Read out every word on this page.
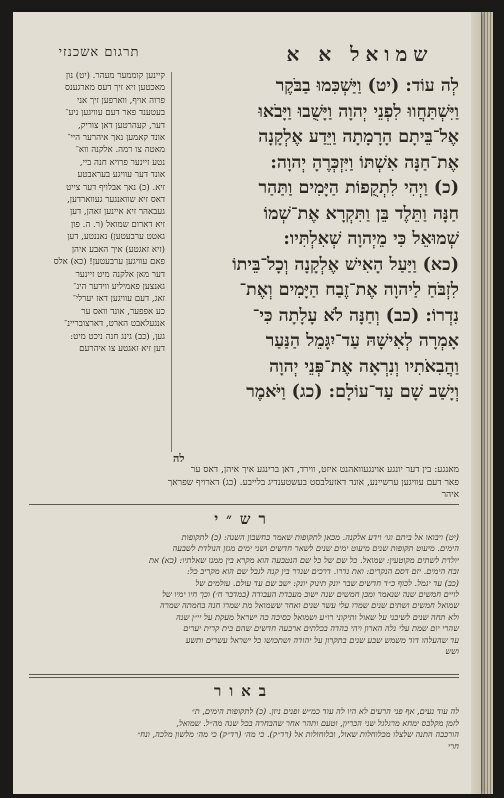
שמואל א א
תרגום אשכנזי

לְה עוֹד: (יט) וַיַּשְׁכִּמוּ בַבֹּקֶר

וַיִּשְׁתַּחֲווּ לִפְנֵי יְהוָה וַיָּשֻׁבוּ וַיָּבֹאוּ

אֶל־בֵּיתָם הָרָמָתָה וַיֵּדַע אֶלְקָנָה

אֶת־חַנָּה אִשְׁתּוֹ וַיִּזְכְּרֶהָ יְהוָה:

(כ) וַיְהִי לִתְקֻפוֹת הַיָּמִים וַתַּהַר

חַנָּה וַתֵּלֶד בֵּן וַתִּקְרָא אֶת־שְׁמוֹ

שְׁמוּאֵל כִּי מֵיְהוָה שְׁאִלְתִּיו:

(כא) וַיַּעַל הָאִישׁ אֶלְקָנָה וְכָל־בֵּיתוֹ

לִזְבֹּחַ לַיהוָה אֶת־זֶבַח הַיָּמִים וְאֶת־

נִדְרוֹ: (כב) וְחַנָּה לֹא עָלָתָה כִּי־

אָמְרָה לְאִישָׁהּ עַד־יִגָּמֵל הַנַּעַר

וַהֲבִאֹתִיו וְנִרְאָה אֶת־פְּנֵי יְהוָה

וְיָשַׁב שָׁם עַד־עוֹלָם: (כג) וַיֹּאמֶר

לה

קיינען קוממער מעהר. (יט) נון

מאכטען זיא זיך דעס מארגענס

פרוה אויף, ווארפען זיך אני

בעטענד פאר דעם עוויגען ניע־

דער, קעהרטען דאן צוריק,

אונד קאמען נאך איהרער היי־

מאטה צו רמה. אלקנה ווא־

נטע זיינער פרויא חנה ביי,

אונד דער עוויגע בעראבטע

זיא. (כ) נאך אבלויף דער צייט

דאס זיא שוואנגער געווארדען,

געבאהר זיא איינען זאהן, דען

זיא דארום שמואל (ר. ה. פון

גאטט ערבעטען) נאננטע, דען

(זיא זאגטע) איך האבע איהן

פאם עוויגען ערבעטען! (כא) אלס

דער מאן אלקנה מיט זיינער

גאנצען פאמיליע ווידער הינ־

זאג, דעם עוויגען דאז יערלי־

כע אפפער, אונד וואס ער

אנגעלאבט הארט, דארצובריינ־

גען, (כב) גינג חנה ניכט מיט:

דען זיא זאגטע צו איהרעם

מאנגע: בין דער יונגע אוינגעוואהנט איזט, ווירד, דאן ברינגע איך איהן, דאס ער

פאר דעם עוויגען ערשיינע, אונד דאזעלבסט בעשטענדיג בלייבע. (כג) דארויף שפראך

איהר

רש״י

(יט) ויבואו אל ביתם וגו׳ וידע אלקנה. מכאן לתקופות שאמר בחשבון השנה: (כ) לתקופות

הימים. מיעוט תקופות שנים מיעוט ימים שנים לשאר חדשים ושני ימים מגזן הנולדת לשבעה

יולדת לשתים מקוטעין: שמואל. כל שם של כל שם הנטבעה הוא מקרא בין ממנו שאלתיו: (כא) את

זבח הימים. יזם דסם הנקרים: ואת נדרו. דרכים שנדר בין קנה לגבל שם הוא מקריב כל:

(כב) עד יגמל. לכוף כ״ד חדשים שבר יונק תינוק יונק: ישב שם עד עולם. עולמים של

לויים חמשים שנה שנאמר ומבן חמשים שנה ישוב מעבדת העבודה (במדבר ח׳) וכך חיו ימיו של

שמואל חמשים ושתים שנים שמרו עלי עשר שנים ואחר ששמואל מת שמרו חנה בחמתה שמרה

ולא תחה שנים לשיבני על שאול ותיקוני רו״ע ושמואל כסיכה כה ישראל מעקת על יי״ן שנה

שהרי יום שמת עלי נלה הארון ויהי בהדה בכלתים ארבעה חדשים שהם בית קרית יערים

עד שהעלהו דוד משמש שבע שנים בתקרון על יהודה ושתכושו כל ישראל עשרים ותשע

ושש

באור

לה עוד נעים, אף פני הרעים לא היו לה עוד כמ״ש ופנים ניזן. (כ) לתקופות הימים, ת״

לזמן מקלבס ימחא מרגלגל שני הכריון, וטעם ותהר אחר שהבחרה בכל שנה מה״ל. שמואל,

הורכבה התנה שלצלו מכלוחלות שאול, ובלוחולות אל (רד״ק). כי מה׳ (רד״ק) כי מה׳ מלשון מלכה, ונח״

חרי
